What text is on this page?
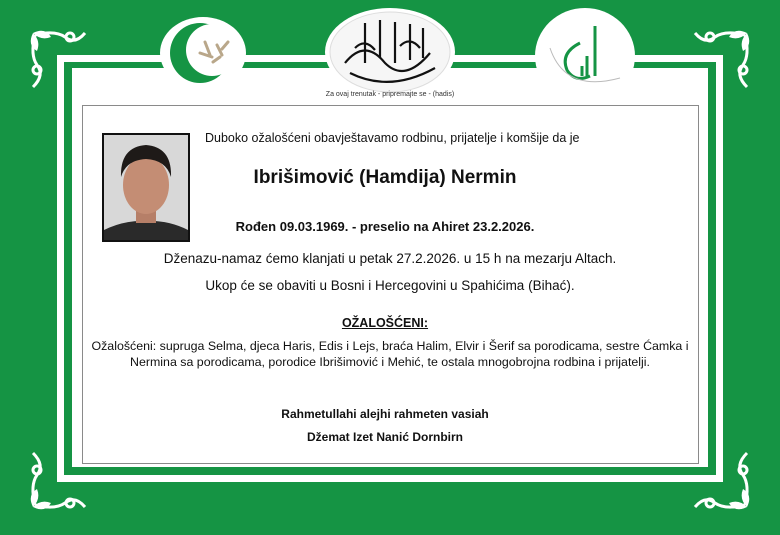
Za ovaj trenutak - pripremajte se - (hadis)
Duboko ožalošćeni obavještavamo rodbinu, prijatelje i komšije da je
Ibrišimović (Hamdija) Nermin
Rođen 09.03.1969. - preselio na Ahiret 23.2.2026.
Dženazu-namaz ćemo klanjati u petak 27.2.2026. u 15 h na mezarju Altach.
Ukop će se obaviti u Bosni i Hercegovini u Spahićima (Bihać).
OŽALOŠĆENI:
Ožalošćeni: supruga Selma, djeca Haris, Edis i Lejs, braća Halim, Elvir i Šerif sa porodicama, sestre Ćamka i Nermina sa porodicama, porodice Ibrišimović i Mehić, te ostala mnogobrojna rodbina i prijatelji.
Rahmetullahi alejhi rahmeten vasiah
Džemat Izet Nanić Dornbirn
